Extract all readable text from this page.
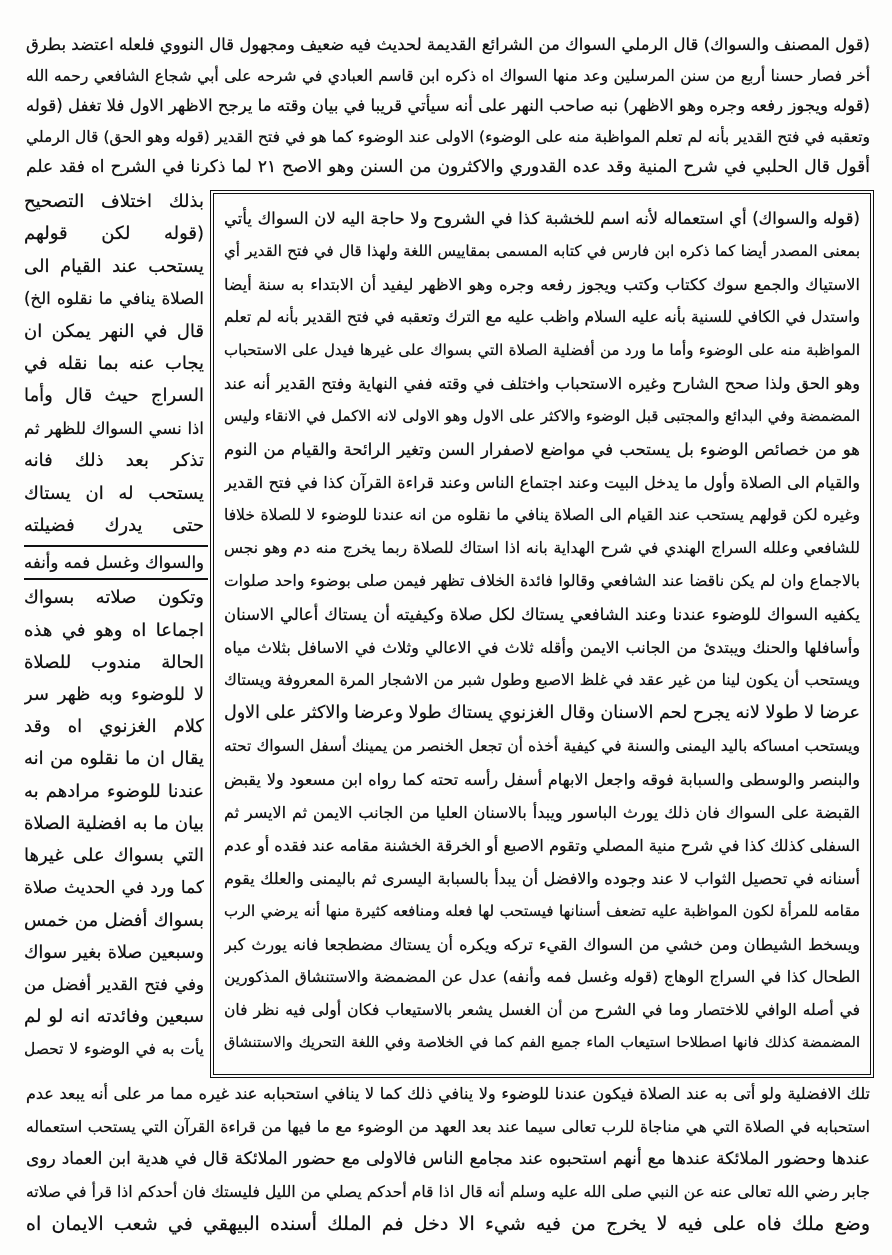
(قول المصنف والسواك) قال الرملي السواك من الشرائع القديمة لحديث فيه ضعيف ومجهول قال النووي فلعله اعتضد بطرق
أخر فصار حسنا أربع من سنن المرسلين وعد منها السواك اه ذكره ابن قاسم العبادي في شرحه على أبي شجاع الشافعي رحمه الله
(قوله ويجوز رفعه وجره وهو الاظهر) نبه صاحب النهر على أنه سيأتي قريبا في بيان وقته ما يرجح الاظهر الاول فلا تغفل (قوله
وتعقبه في فتح القدير بأنه لم تعلم المواظبة منه على الوضوء) الاولى عند الوضوء كما هو في فتح القدير (قوله وهو الحق) قال الرملي
أقول قال الحلبي في شرح المنية وقد عده القدوري والاكثرون من السنن وهو الاصح ٢١ لما ذكرنا في الشرح اه فقد علم
بذلك اختلاف التصحيح
(قوله لكن قولهم
يستحب عند القيام الى
الصلاة ينافي ما نقلوه الخ)
قال في النهر يمكن ان
يجاب عنه بما نقله في
السراج حيث قال وأما
اذا نسي السواك للظهر ثم
تذكر بعد ذلك فانه
يستحب له ان يستاك
حتى يدرك فضيلته
والسواك وغسل فمه وأنفه
وتكون صلاته بسواك
اجماعا اه وهو في هذه
الحالة مندوب للصلاة
لا للوضوء وبه ظهر سر
كلام الغزنوي اه وقد
يقال ان ما نقلوه من انه
عندنا للوضوء مرادهم به
بيان ما به افضلية الصلاة
التي بسواك على غيرها
كما ورد في الحديث صلاة
بسواك أفضل من خمس
وسبعين صلاة بغير سواك
وفي فتح القدير أفضل من
سبعين وفائدته انه لو لم
يأت به في الوضوء لا تحصل
(قوله والسواك) أي استعماله لأنه اسم للخشبة كذا في الشروح ولا حاجة اليه لان السواك يأتي
بمعنى المصدر أيضا كما ذكره ابن فارس في كتابه المسمى بمقاييس اللغة ولهذا قال في فتح القدير أي
الاستياك والجمع سوك ككتاب وكتب ويجوز رفعه وجره وهو الاظهر ليفيد أن الابتداء به سنة أيضا
واستدل في الكافي للسنية بأنه عليه السلام واظب عليه مع الترك وتعقبه في فتح القدير بأنه لم تعلم
المواظبة منه على الوضوء وأما ما ورد من أفضلية الصلاة التي بسواك على غيرها فيدل على الاستحباب
وهو الحق ولذا صحح الشارح وغيره الاستحباب واختلف في وقته ففي النهاية وفتح القدير أنه عند
المضمضة وفي البدائع والمجتبى قبل الوضوء والاكثر على الاول وهو الاولى لانه الاكمل في الانقاء وليس
هو من خصائص الوضوء بل يستحب في مواضع لاصفرار السن وتغير الرائحة والقيام من النوم
والقيام الى الصلاة وأول ما يدخل البيت وعند اجتماع الناس وعند قراءة القرآن كذا في فتح القدير
وغيره لكن قولهم يستحب عند القيام الى الصلاة ينافي ما نقلوه من انه عندنا للوضوء لا للصلاة خلافا
للشافعي وعلله السراج الهندي في شرح الهداية بانه اذا استاك للصلاة ربما يخرج منه دم وهو نجس
بالاجماع وان لم يكن ناقضا عند الشافعي وقالوا فائدة الخلاف تظهر فيمن صلى بوضوء واحد صلوات
يكفيه السواك للوضوء عندنا وعند الشافعي يستاك لكل صلاة وكيفيته أن يستاك أعالي الاسنان
وأسافلها والحنك ويبتدئ من الجانب الايمن وأقله ثلاث في الاعالي وثلاث في الاسافل بثلاث مياه
ويستحب أن يكون لينا من غير عقد في غلظ الاصبع وطول شبر من الاشجار المرة المعروفة ويستاك
عرضا لا طولا لانه يجرح لحم الاسنان وقال الغزنوي يستاك طولا وعرضا والاكثر على الاول
ويستحب امساكه باليد اليمنى والسنة في كيفية أخذه أن تجعل الخنصر من يمينك أسفل السواك تحته
والبنصر والوسطى والسبابة فوقه واجعل الابهام أسفل رأسه تحته كما رواه ابن مسعود ولا يقبض
القبضة على السواك فان ذلك يورث الباسور ويبدأ بالاسنان العليا من الجانب الايمن ثم الايسر ثم
السفلى كذلك كذا في شرح منية المصلي وتقوم الاصبع أو الخرقة الخشنة مقامه عند فقده أو عدم
أسنانه في تحصيل الثواب لا عند وجوده والافضل أن يبدأ بالسبابة اليسرى ثم باليمنى والعلك يقوم
مقامه للمرأة لكون المواظبة عليه تضعف أسنانها فيستحب لها فعله ومنافعه كثيرة منها أنه يرضي الرب
ويسخط الشيطان ومن خشي من السواك القيء تركه ويكره أن يستاك مضطجعا فانه يورث كبر
الطحال كذا في السراج الوهاج (قوله وغسل فمه وأنفه) عدل عن المضمضة والاستنشاق المذكورين
في أصله الوافي للاختصار وما في الشرح من أن الغسل يشعر بالاستيعاب فكان أولى فيه نظر فان
المضمضة كذلك فانها اصطلاحا استيعاب الماء جميع الفم كما في الخلاصة وفي اللغة التحريك والاستنشاق
تلك الافضلية ولو أتى به عند الصلاة فيكون عندنا للوضوء ولا ينافي ذلك كما لا ينافي استحبابه عند غيره مما مر على أنه يبعد عدم
استحبابه في الصلاة التي هي مناجاة للرب تعالى سيما عند بعد العهد من الوضوء مع ما فيها من قراءة القرآن التي يستحب استعماله
عندها وحضور الملائكة عندها مع أنهم استحبوه عند مجامع الناس فالاولى مع حضور الملائكة قال في هدية ابن العماد روى
جابر رضي الله تعالى عنه عن النبي صلى الله عليه وسلم أنه قال اذا قام أحدكم يصلي من الليل فليستك فان أحدكم اذا قرأ في صلاته
وضع ملك فاه على فيه لا يخرج من فيه شيء الا دخل فم الملك أسنده البيهقي في شعب الايمان اه
